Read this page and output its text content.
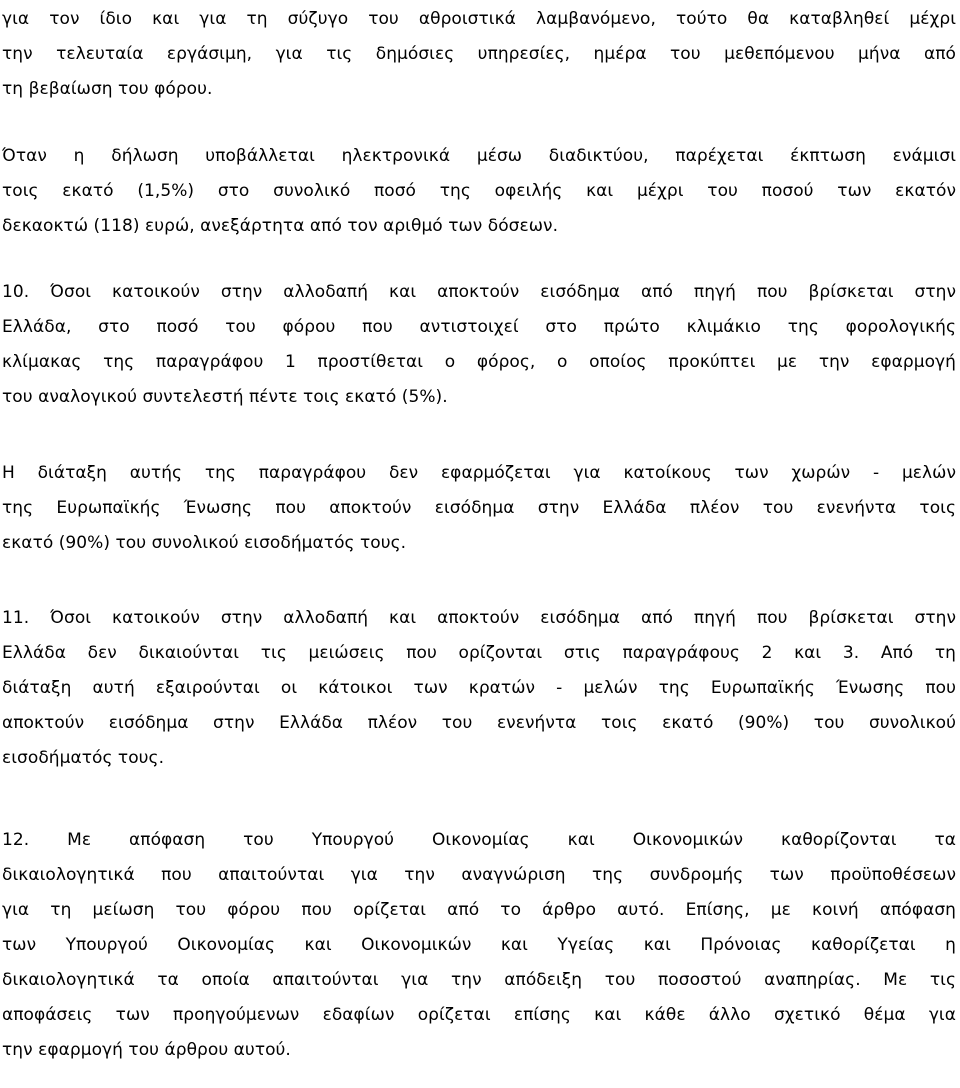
για τον ίδιο και για τη σύζυγο του αθροιστικά λαμβανόμενο, τούτο θα καταβληθεί μέχρι
την τελευταία εργάσιμη, για τις δημόσιες υπηρεσίες, ημέρα του μεθεπόμενου μήνα από
τη βεβαίωση του φόρου.
Όταν η δήλωση υποβάλλεται ηλεκτρονικά μέσω διαδικτύου, παρέχεται έκπτωση ενάμισι
τοις εκατό (1,5%) στο συνολικό ποσό της οφειλής και μέχρι του ποσού των εκατόν
δεκαοκτώ (118) ευρώ, ανεξάρτητα από τον αριθμό των δόσεων.
10. Όσοι κατοικούν στην αλλοδαπή και αποκτούν εισόδημα από πηγή που βρίσκεται στην
Ελλάδα, στο ποσό του φόρου που αντιστοιχεί στο πρώτο κλιμάκιο της φορολογικής
κλίμακας της παραγράφου 1 προστίθεται ο φόρος, ο οποίος προκύπτει με την εφαρμογή
του αναλογικού συντελεστή πέντε τοις εκατό (5%).
Η διάταξη αυτής της παραγράφου δεν εφαρμόζεται για κατοίκους των χωρών - μελών
της Ευρωπαϊκής Ένωσης που αποκτούν εισόδημα στην Ελλάδα πλέον του ενενήντα τοις
εκατό (90%) του συνολικού εισοδήματός τους.
11. Όσοι κατοικούν στην αλλοδαπή και αποκτούν εισόδημα από πηγή που βρίσκεται στην
Ελλάδα δεν δικαιούνται τις μειώσεις που ορίζονται στις παραγράφους 2 και 3. Από τη
διάταξη αυτή εξαιρούνται οι κάτοικοι των κρατών - μελών της Ευρωπαϊκής Ένωσης που
αποκτούν εισόδημα στην Ελλάδα πλέον του ενενήντα τοις εκατό (90%) του συνολικού
εισοδήματός τους.
12. Με απόφαση του Υπουργού Οικονομίας και Οικονομικών καθορίζονται τα
δικαιολογητικά που απαιτούνται για την αναγνώριση της συνδρομής των προϋποθέσεων
για τη μείωση του φόρου που ορίζεται από το άρθρο αυτό. Επίσης, με κοινή απόφαση
των Υπουργού Οικονομίας και Οικονομικών και Υγείας και Πρόνοιας καθορίζεται η
δικαιολογητικά τα οποία απαιτούνται για την απόδειξη του ποσοστού αναπηρίας. Με τις
αποφάσεις των προηγούμενων εδαφίων ορίζεται επίσης και κάθε άλλο σχετικό θέμα για
την εφαρμογή του άρθρου αυτού.
